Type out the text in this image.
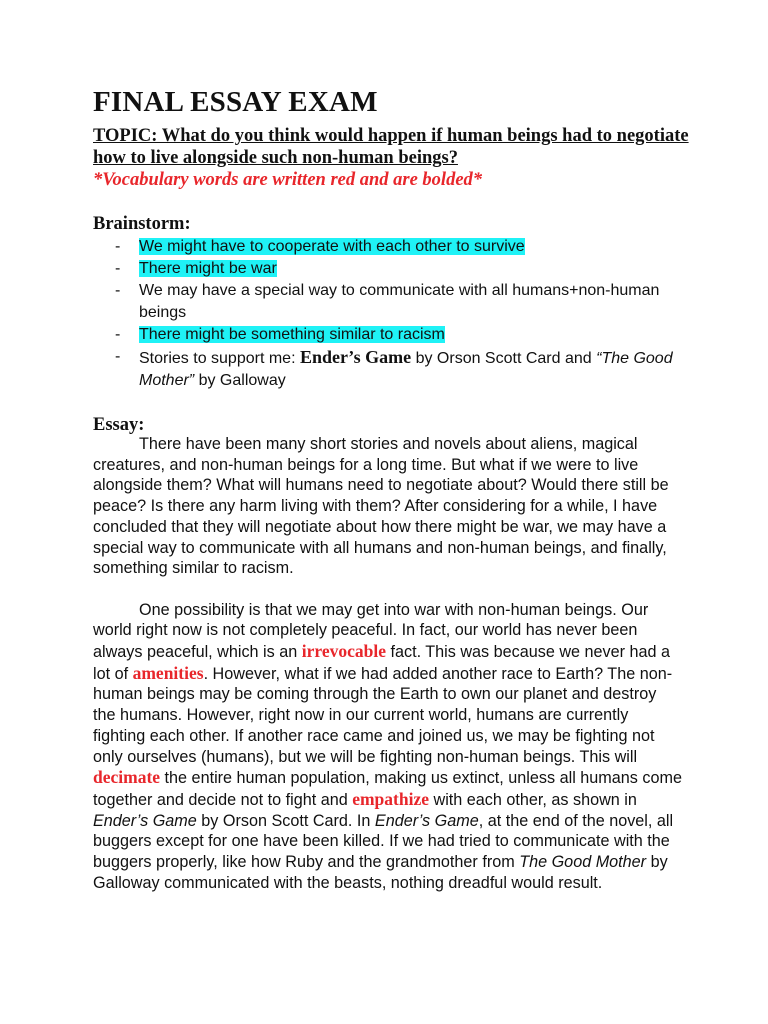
FINAL ESSAY EXAM
TOPIC: What do you think would happen if human beings had to negotiate how to live alongside such non-human beings?
*Vocabulary words are written red and are bolded*
Brainstorm:
- We might have to cooperate with each other to survive
- There might be war
- We may have a special way to communicate with all humans+non-human beings
- There might be something similar to racism
- Stories to support me: Ender’s Game by Orson Scott Card and “The Good Mother” by Galloway
Essay:

There have been many short stories and novels about aliens, magical creatures, and non-human beings for a long time. But what if we were to live alongside them? What will humans need to negotiate about? Would there still be peace? Is there any harm living with them? After considering for a while, I have concluded that they will negotiate about how there might be war, we may have a special way to communicate with all humans and non-human beings, and finally, something similar to racism.

One possibility is that we may get into war with non-human beings. Our world right now is not completely peaceful. In fact, our world has never been always peaceful, which is an irrevocable fact. This was because we never had a lot of amenities. However, what if we had added another race to Earth? The non-human beings may be coming through the Earth to own our planet and destroy the humans. However, right now in our current world, humans are currently fighting each other. If another race came and joined us, we may be fighting not only ourselves (humans), but we will be fighting non-human beings. This will decimate the entire human population, making us extinct, unless all humans come together and decide not to fight and empathize with each other, as shown in Ender’s Game by Orson Scott Card. In Ender’s Game, at the end of the novel, all buggers except for one have been killed. If we had tried to communicate with the buggers properly, like how Ruby and the grandmother from The Good Mother by Galloway communicated with the beasts, nothing dreadful would result.
